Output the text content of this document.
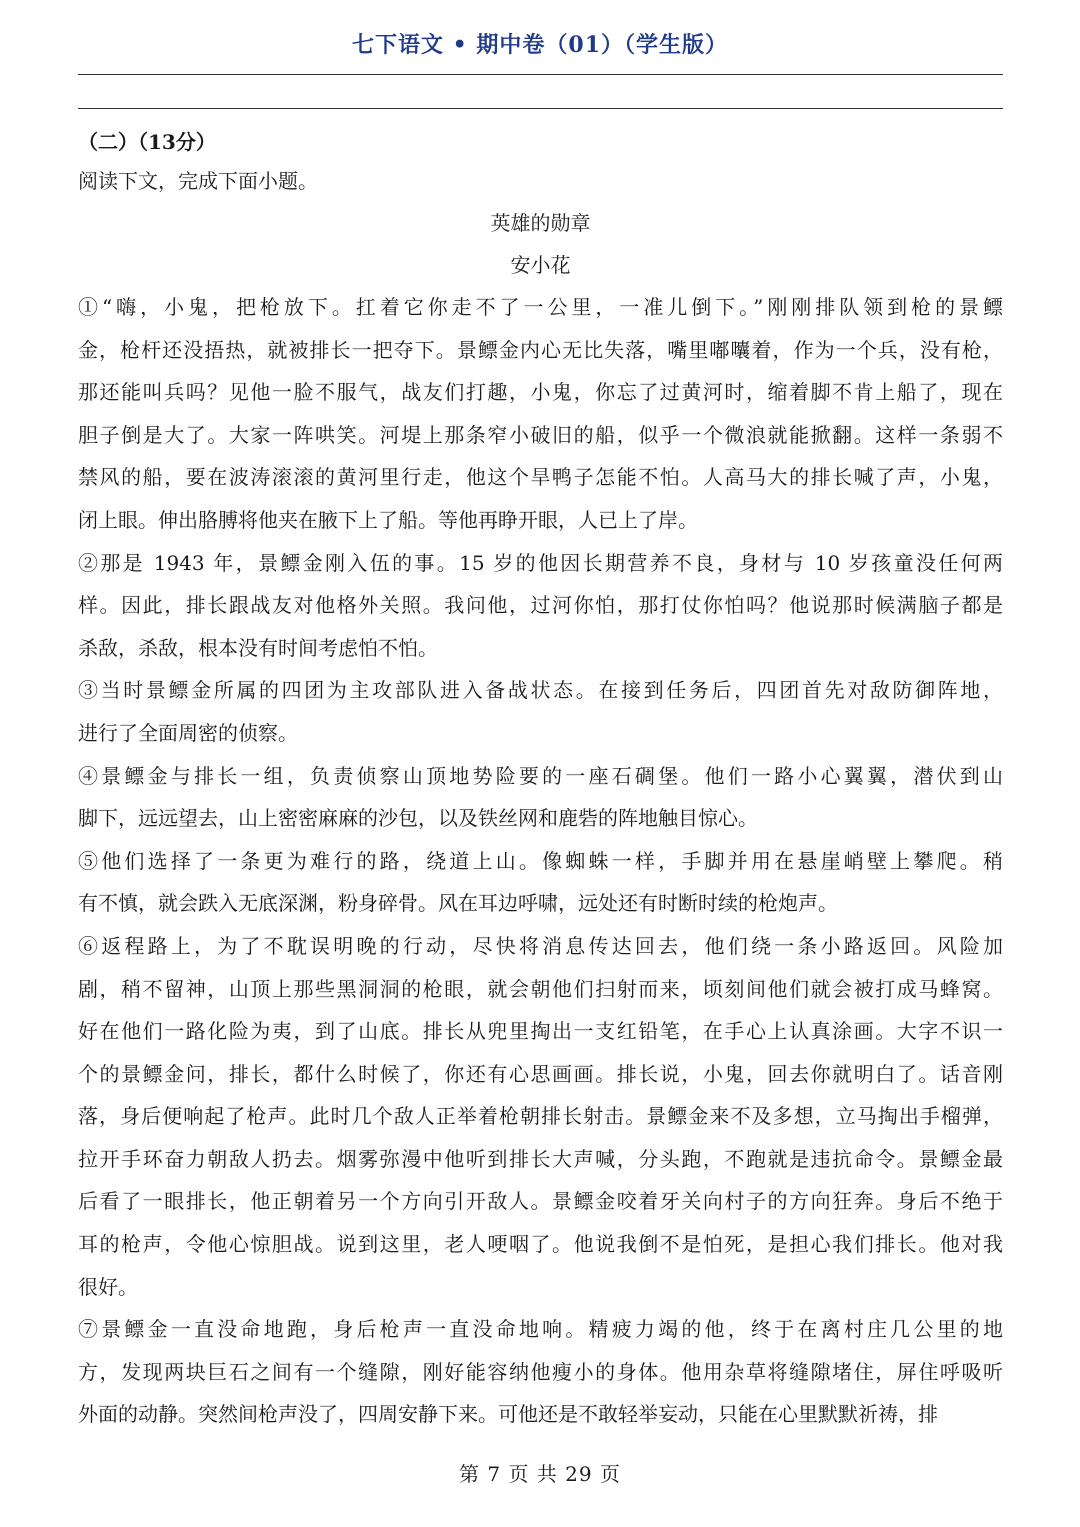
七下语文 • 期中卷（01）（学生版）
（二）（13分）
阅读下文，完成下面小题。
英雄的勋章
安小花
①“嗨，小鬼，把枪放下。扛着它你走不了一公里，一准儿倒下。”刚刚排队领到枪的景鳔
金，枪杆还没捂热，就被排长一把夺下。景鳔金内心无比失落，嘴里嘟囔着，作为一个兵，没有枪，
那还能叫兵吗？见他一脸不服气，战友们打趣，小鬼，你忘了过黄河时，缩着脚不肯上船了，现在
胆子倒是大了。大家一阵哄笑。河堤上那条窄小破旧的船，似乎一个微浪就能掀翻。这样一条弱不
禁风的船，要在波涛滚滚的黄河里行走，他这个旱鸭子怎能不怕。人高马大的排长喊了声，小鬼，
闭上眼。伸出胳膊将他夹在腋下上了船。等他再睁开眼，人已上了岸。
②那是 1943 年，景鳔金刚入伍的事。15 岁的他因长期营养不良，身材与 10 岁孩童没任何两
样。因此，排长跟战友对他格外关照。我问他，过河你怕，那打仗你怕吗？他说那时候满脑子都是
杀敌，杀敌，根本没有时间考虑怕不怕。
③当时景鳔金所属的四团为主攻部队进入备战状态。在接到任务后，四团首先对敌防御阵地，
进行了全面周密的侦察。
④景鳔金与排长一组，负责侦察山顶地势险要的一座石碉堡。他们一路小心翼翼，潜伏到山
脚下，远远望去，山上密密麻麻的沙包，以及铁丝网和鹿砦的阵地触目惊心。
⑤他们选择了一条更为难行的路，绕道上山。像蜘蛛一样，手脚并用在悬崖峭壁上攀爬。稍
有不慎，就会跌入无底深渊，粉身碎骨。风在耳边呼啸，远处还有时断时续的枪炮声。
⑥返程路上，为了不耽误明晚的行动，尽快将消息传达回去，他们绕一条小路返回。风险加
剧，稍不留神，山顶上那些黑洞洞的枪眼，就会朝他们扫射而来，顷刻间他们就会被打成马蜂窝。
好在他们一路化险为夷，到了山底。排长从兜里掏出一支红铅笔，在手心上认真涂画。大字不识一
个的景鳔金问，排长，都什么时候了，你还有心思画画。排长说，小鬼，回去你就明白了。话音刚
落，身后便响起了枪声。此时几个敌人正举着枪朝排长射击。景鳔金来不及多想，立马掏出手榴弹，
拉开手环奋力朝敌人扔去。烟雾弥漫中他听到排长大声喊，分头跑，不跑就是违抗命令。景鳔金最
后看了一眼排长，他正朝着另一个方向引开敌人。景鳔金咬着牙关向村子的方向狂奔。身后不绝于
耳的枪声，令他心惊胆战。说到这里，老人哽咽了。他说我倒不是怕死，是担心我们排长。他对我
很好。
⑦景鳔金一直没命地跑，身后枪声一直没命地响。精疲力竭的他，终于在离村庄几公里的地
方，发现两块巨石之间有一个缝隙，刚好能容纳他瘦小的身体。他用杂草将缝隙堵住，屏住呼吸听
外面的动静。突然间枪声没了，四周安静下来。可他还是不敢轻举妄动，只能在心里默默祈祷，排
第 7 页 共 29 页
